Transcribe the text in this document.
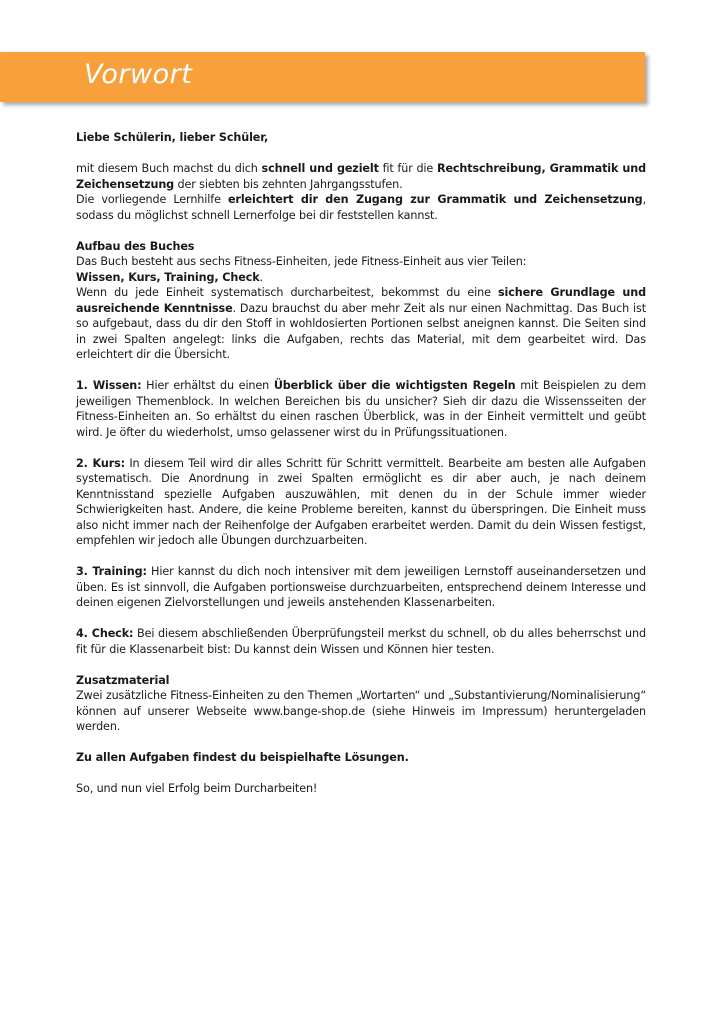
Vorwort

Liebe Schülerin, lieber Schüler,

mit diesem Buch machst du dich schnell und gezielt fit für die Rechtschreibung, Grammatik und Zeichensetzung der siebten bis zehnten Jahrgangsstufen.

Die vorliegende Lernhilfe erleichtert dir den Zugang zur Grammatik und Zeichensetzung, sodass du möglichst schnell Lernerfolge bei dir feststellen kannst.

Aufbau des Buches

Das Buch besteht aus sechs Fitness-Einheiten, jede Fitness-Einheit aus vier Teilen:

Wissen, Kurs, Training, Check.

Wenn du jede Einheit systematisch durcharbeitest, bekommst du eine sichere Grundlage und ausreichende Kenntnisse. Dazu brauchst du aber mehr Zeit als nur einen Nachmittag. Das Buch ist so aufgebaut, dass du dir den Stoff in wohldosierten Portionen selbst aneignen kannst. Die Seiten sind in zwei Spalten angelegt: links die Aufgaben, rechts das Material, mit dem gearbeitet wird. Das erleichtert dir die Übersicht.

1. Wissen: Hier erhältst du einen Überblick über die wichtigsten Regeln mit Beispielen zu dem jeweiligen Themenblock. In welchen Bereichen bis du unsicher? Sieh dir dazu die Wissensseiten der Fitness-Einheiten an. So erhältst du einen raschen Überblick, was in der Einheit vermittelt und geübt wird. Je öfter du wiederholst, umso gelassener wirst du in Prüfungssituationen.

2. Kurs: In diesem Teil wird dir alles Schritt für Schritt vermittelt. Bearbeite am besten alle Aufgaben systematisch. Die Anordnung in zwei Spalten ermöglicht es dir aber auch, je nach deinem Kenntnisstand spezielle Aufgaben auszuwählen, mit denen du in der Schule immer wieder Schwierigkeiten hast. Andere, die keine Probleme bereiten, kannst du überspringen. Die Einheit muss also nicht immer nach der Reihenfolge der Aufgaben erarbeitet werden. Damit du dein Wissen festigst, empfehlen wir jedoch alle Übungen durchzuarbeiten.

3. Training: Hier kannst du dich noch intensiver mit dem jeweiligen Lernstoff auseinandersetzen und üben. Es ist sinnvoll, die Aufgaben portionsweise durchzuarbeiten, entsprechend deinem Interesse und deinen eigenen Zielvorstellungen und jeweils anstehenden Klassenarbeiten.

4. Check: Bei diesem abschließenden Überprüfungsteil merkst du schnell, ob du alles beherrschst und fit für die Klassenarbeit bist: Du kannst dein Wissen und Können hier testen.

Zusatzmaterial

Zwei zusätzliche Fitness-Einheiten zu den Themen „Wortarten“ und „Substantivierung/Nominalisierung“ können auf unserer Webseite www.bange-shop.de (siehe Hinweis im Impressum) heruntergeladen werden.

Zu allen Aufgaben findest du beispielhafte Lösungen.

So, und nun viel Erfolg beim Durcharbeiten!
